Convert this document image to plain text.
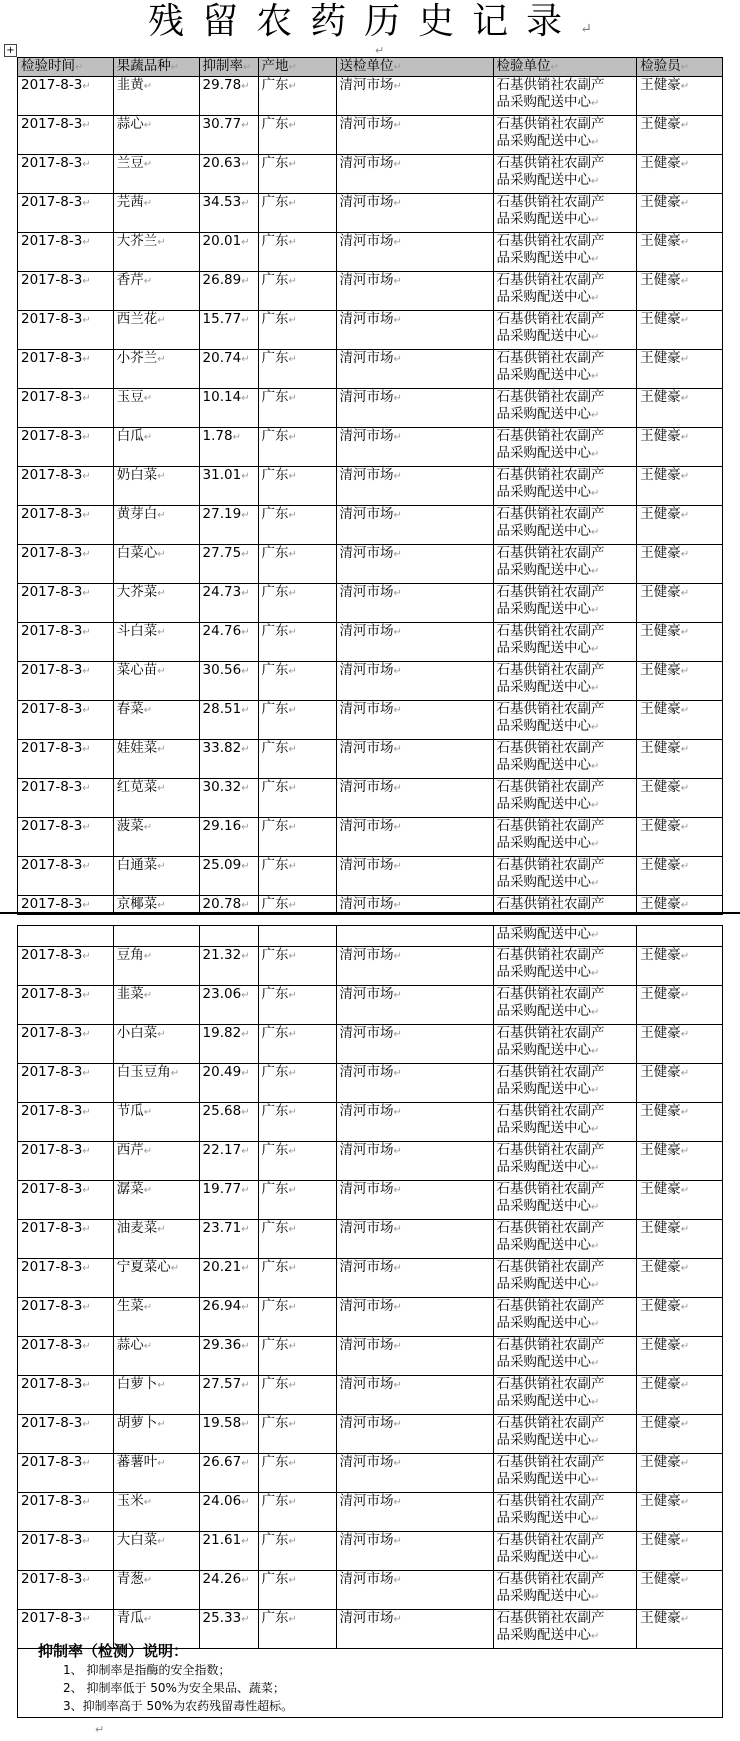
残留农药历史记录↵
+	↵
检验时间↵	果蔬品种↵	抑制率↵	产地↵	送检单位↵	检验单位↵	检验员↵
2017-8-3↵	韭黄↵	29.78↵	广东↵	清河市场↵	石基供销社农副产
品采购配送中心↵	王健豪↵
2017-8-3↵	蒜心↵	30.77↵	广东↵	清河市场↵	石基供销社农副产
品采购配送中心↵	王健豪↵
2017-8-3↵	兰豆↵	20.63↵	广东↵	清河市场↵	石基供销社农副产
品采购配送中心↵	王健豪↵
2017-8-3↵	芫茜↵	34.53↵	广东↵	清河市场↵	石基供销社农副产
品采购配送中心↵	王健豪↵
2017-8-3↵	大芥兰↵	20.01↵	广东↵	清河市场↵	石基供销社农副产
品采购配送中心↵	王健豪↵
2017-8-3↵	香芹↵	26.89↵	广东↵	清河市场↵	石基供销社农副产
品采购配送中心↵	王健豪↵
2017-8-3↵	西兰花↵	15.77↵	广东↵	清河市场↵	石基供销社农副产
品采购配送中心↵	王健豪↵
2017-8-3↵	小芥兰↵	20.74↵	广东↵	清河市场↵	石基供销社农副产
品采购配送中心↵	王健豪↵
2017-8-3↵	玉豆↵	10.14↵	广东↵	清河市场↵	石基供销社农副产
品采购配送中心↵	王健豪↵
2017-8-3↵	白瓜↵	1.78↵	广东↵	清河市场↵	石基供销社农副产
品采购配送中心↵	王健豪↵
2017-8-3↵	奶白菜↵	31.01↵	广东↵	清河市场↵	石基供销社农副产
品采购配送中心↵	王健豪↵
2017-8-3↵	黄芽白↵	27.19↵	广东↵	清河市场↵	石基供销社农副产
品采购配送中心↵	王健豪↵
2017-8-3↵	白菜心↵	27.75↵	广东↵	清河市场↵	石基供销社农副产
品采购配送中心↵	王健豪↵
2017-8-3↵	大芥菜↵	24.73↵	广东↵	清河市场↵	石基供销社农副产
品采购配送中心↵	王健豪↵
2017-8-3↵	斗白菜↵	24.76↵	广东↵	清河市场↵	石基供销社农副产
品采购配送中心↵	王健豪↵
2017-8-3↵	菜心苗↵	30.56↵	广东↵	清河市场↵	石基供销社农副产
品采购配送中心↵	王健豪↵
2017-8-3↵	春菜↵	28.51↵	广东↵	清河市场↵	石基供销社农副产
品采购配送中心↵	王健豪↵
2017-8-3↵	娃娃菜↵	33.82↵	广东↵	清河市场↵	石基供销社农副产
品采购配送中心↵	王健豪↵
2017-8-3↵	红苋菜↵	30.32↵	广东↵	清河市场↵	石基供销社农副产
品采购配送中心↵	王健豪↵
2017-8-3↵	菠菜↵	29.16↵	广东↵	清河市场↵	石基供销社农副产
品采购配送中心↵	王健豪↵
2017-8-3↵	白通菜↵	25.09↵	广东↵	清河市场↵	石基供销社农副产
品采购配送中心↵	王健豪↵
2017-8-3↵	京椰菜↵	20.78↵	广东↵	清河市场↵	石基供销社农副产	王健豪↵
					品采购配送中心↵	
2017-8-3↵	豆角↵	21.32↵	广东↵	清河市场↵	石基供销社农副产
品采购配送中心↵	王健豪↵
2017-8-3↵	韭菜↵	23.06↵	广东↵	清河市场↵	石基供销社农副产
品采购配送中心↵	王健豪↵
2017-8-3↵	小白菜↵	19.82↵	广东↵	清河市场↵	石基供销社农副产
品采购配送中心↵	王健豪↵
2017-8-3↵	白玉豆角↵	20.49↵	广东↵	清河市场↵	石基供销社农副产
品采购配送中心↵	王健豪↵
2017-8-3↵	节瓜↵	25.68↵	广东↵	清河市场↵	石基供销社农副产
品采购配送中心↵	王健豪↵
2017-8-3↵	西芹↵	22.17↵	广东↵	清河市场↵	石基供销社农副产
品采购配送中心↵	王健豪↵
2017-8-3↵	潺菜↵	19.77↵	广东↵	清河市场↵	石基供销社农副产
品采购配送中心↵	王健豪↵
2017-8-3↵	油麦菜↵	23.71↵	广东↵	清河市场↵	石基供销社农副产
品采购配送中心↵	王健豪↵
2017-8-3↵	宁夏菜心↵	20.21↵	广东↵	清河市场↵	石基供销社农副产
品采购配送中心↵	王健豪↵
2017-8-3↵	生菜↵	26.94↵	广东↵	清河市场↵	石基供销社农副产
品采购配送中心↵	王健豪↵
2017-8-3↵	蒜心↵	29.36↵	广东↵	清河市场↵	石基供销社农副产
品采购配送中心↵	王健豪↵
2017-8-3↵	白萝卜↵	27.57↵	广东↵	清河市场↵	石基供销社农副产
品采购配送中心↵	王健豪↵
2017-8-3↵	胡萝卜↵	19.58↵	广东↵	清河市场↵	石基供销社农副产
品采购配送中心↵	王健豪↵
2017-8-3↵	蕃薯叶↵	26.67↵	广东↵	清河市场↵	石基供销社农副产
品采购配送中心↵	王健豪↵
2017-8-3↵	玉米↵	24.06↵	广东↵	清河市场↵	石基供销社农副产
品采购配送中心↵	王健豪↵
2017-8-3↵	大白菜↵	21.61↵	广东↵	清河市场↵	石基供销社农副产
品采购配送中心↵	王健豪↵
2017-8-3↵	青葱↵	24.26↵	广东↵	清河市场↵	石基供销社农副产
品采购配送中心↵	王健豪↵
2017-8-3↵	青瓜↵	25.33↵	广东↵	清河市场↵	石基供销社农副产
品采购配送中心↵	王健豪↵
抑制率（检测）说明：
1、 抑制率是指酶的安全指数；
2、 抑制率低于 50%为安全果品、蔬菜；
3、抑制率高于 50%为农药残留毒性超标。
↵
